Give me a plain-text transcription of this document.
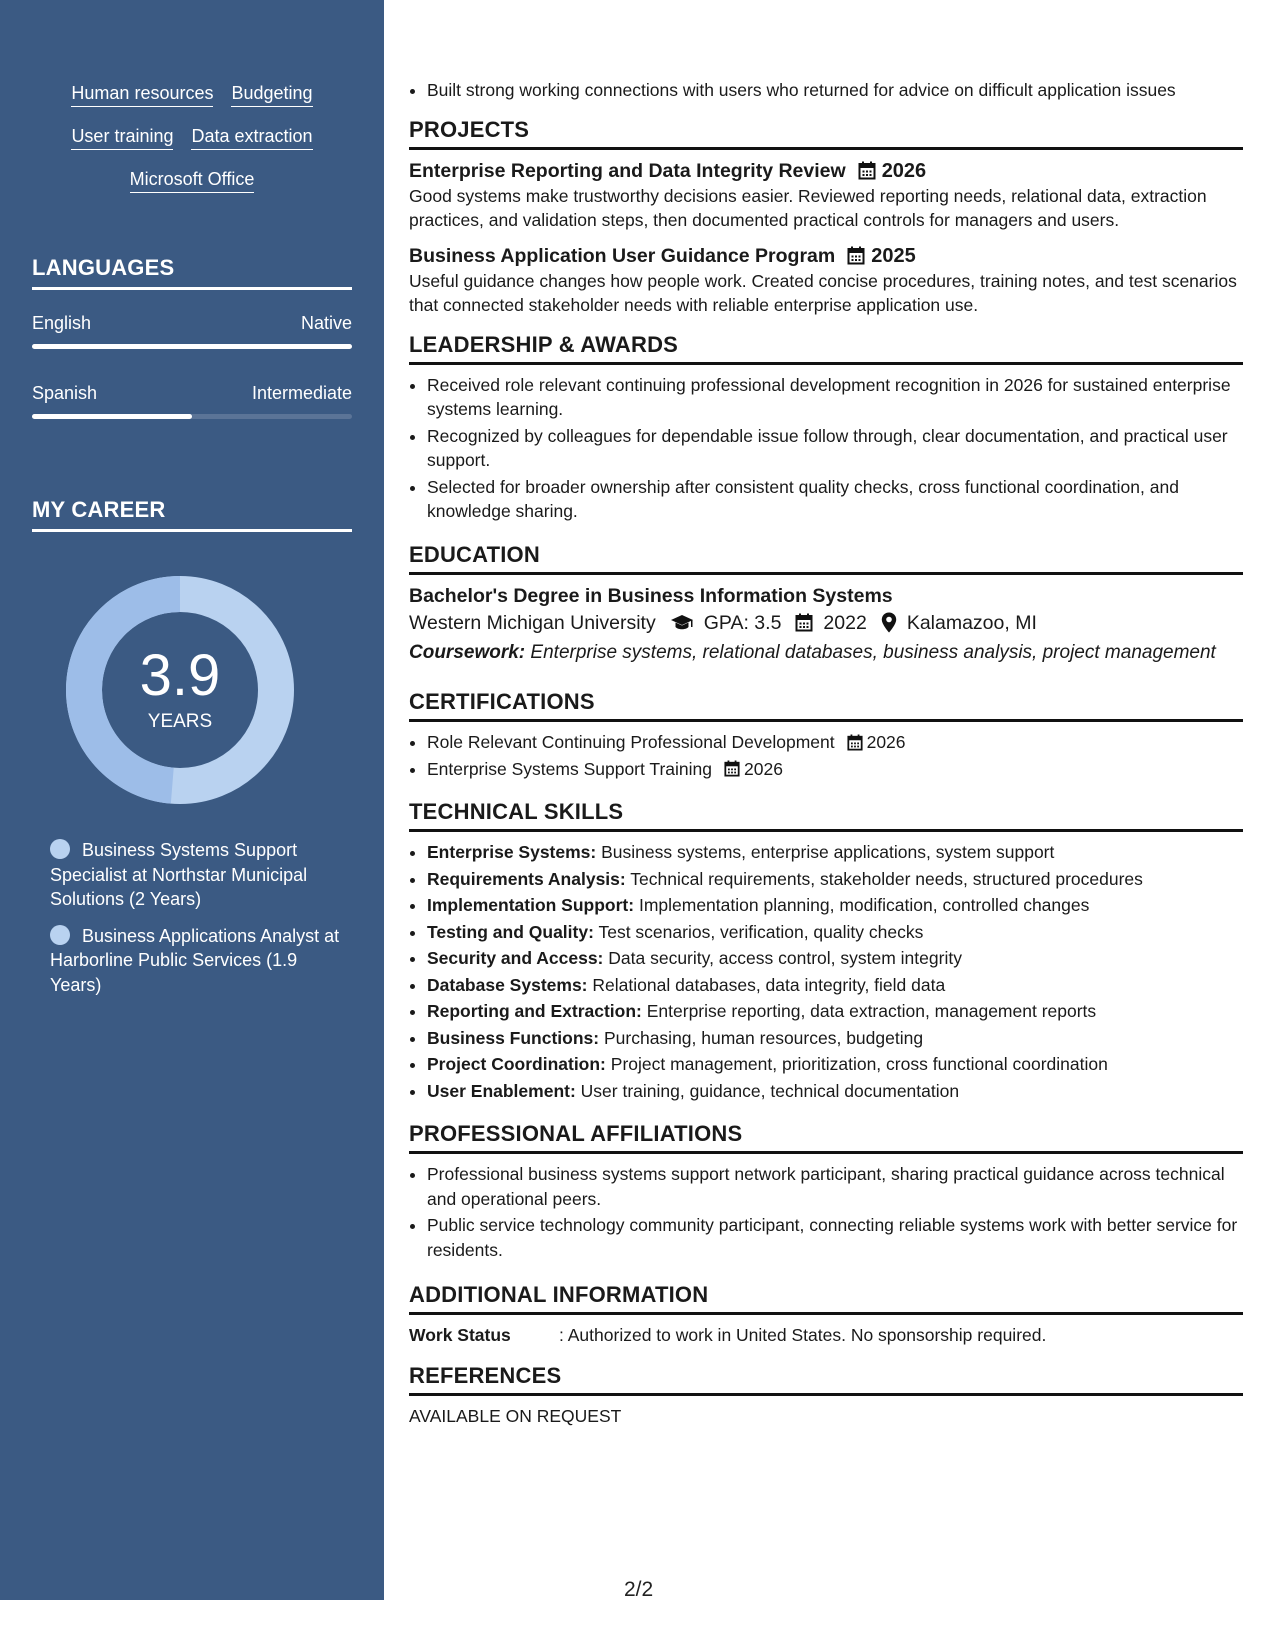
Human resources Budgeting
User training Data extraction
Microsoft Office
LANGUAGES
English	Native
Spanish	Intermediate
MY CAREER
3.9
YEARS
Business Systems Support Specialist at Northstar Municipal Solutions (2 Years)
Business Applications Analyst at Harborline Public Services (1.9 Years)
• Built strong working connections with users who returned for advice on difficult application issues
PROJECTS
Enterprise Reporting and Data Integrity Review 2026
Good systems make trustworthy decisions easier. Reviewed reporting needs, relational data, extraction practices, and validation steps, then documented practical controls for managers and users.
Business Application User Guidance Program 2025
Useful guidance changes how people work. Created concise procedures, training notes, and test scenarios that connected stakeholder needs with reliable enterprise application use.
LEADERSHIP & AWARDS
• Received role relevant continuing professional development recognition in 2026 for sustained enterprise systems learning.
• Recognized by colleagues for dependable issue follow through, clear documentation, and practical user support.
• Selected for broader ownership after consistent quality checks, cross functional coordination, and knowledge sharing.
EDUCATION
Bachelor's Degree in Business Information Systems
Western Michigan University GPA: 3.5 2022 Kalamazoo, MI
Coursework: Enterprise systems, relational databases, business analysis, project management
CERTIFICATIONS
• Role Relevant Continuing Professional Development 2026
• Enterprise Systems Support Training 2026
TECHNICAL SKILLS
• Enterprise Systems: Business systems, enterprise applications, system support
• Requirements Analysis: Technical requirements, stakeholder needs, structured procedures
• Implementation Support: Implementation planning, modification, controlled changes
• Testing and Quality: Test scenarios, verification, quality checks
• Security and Access: Data security, access control, system integrity
• Database Systems: Relational databases, data integrity, field data
• Reporting and Extraction: Enterprise reporting, data extraction, management reports
• Business Functions: Purchasing, human resources, budgeting
• Project Coordination: Project management, prioritization, cross functional coordination
• User Enablement: User training, guidance, technical documentation
PROFESSIONAL AFFILIATIONS
• Professional business systems support network participant, sharing practical guidance across technical and operational peers.
• Public service technology community participant, connecting reliable systems work with better service for residents.
ADDITIONAL INFORMATION
Work Status	: Authorized to work in United States. No sponsorship required.
REFERENCES
AVAILABLE ON REQUEST
2/2
